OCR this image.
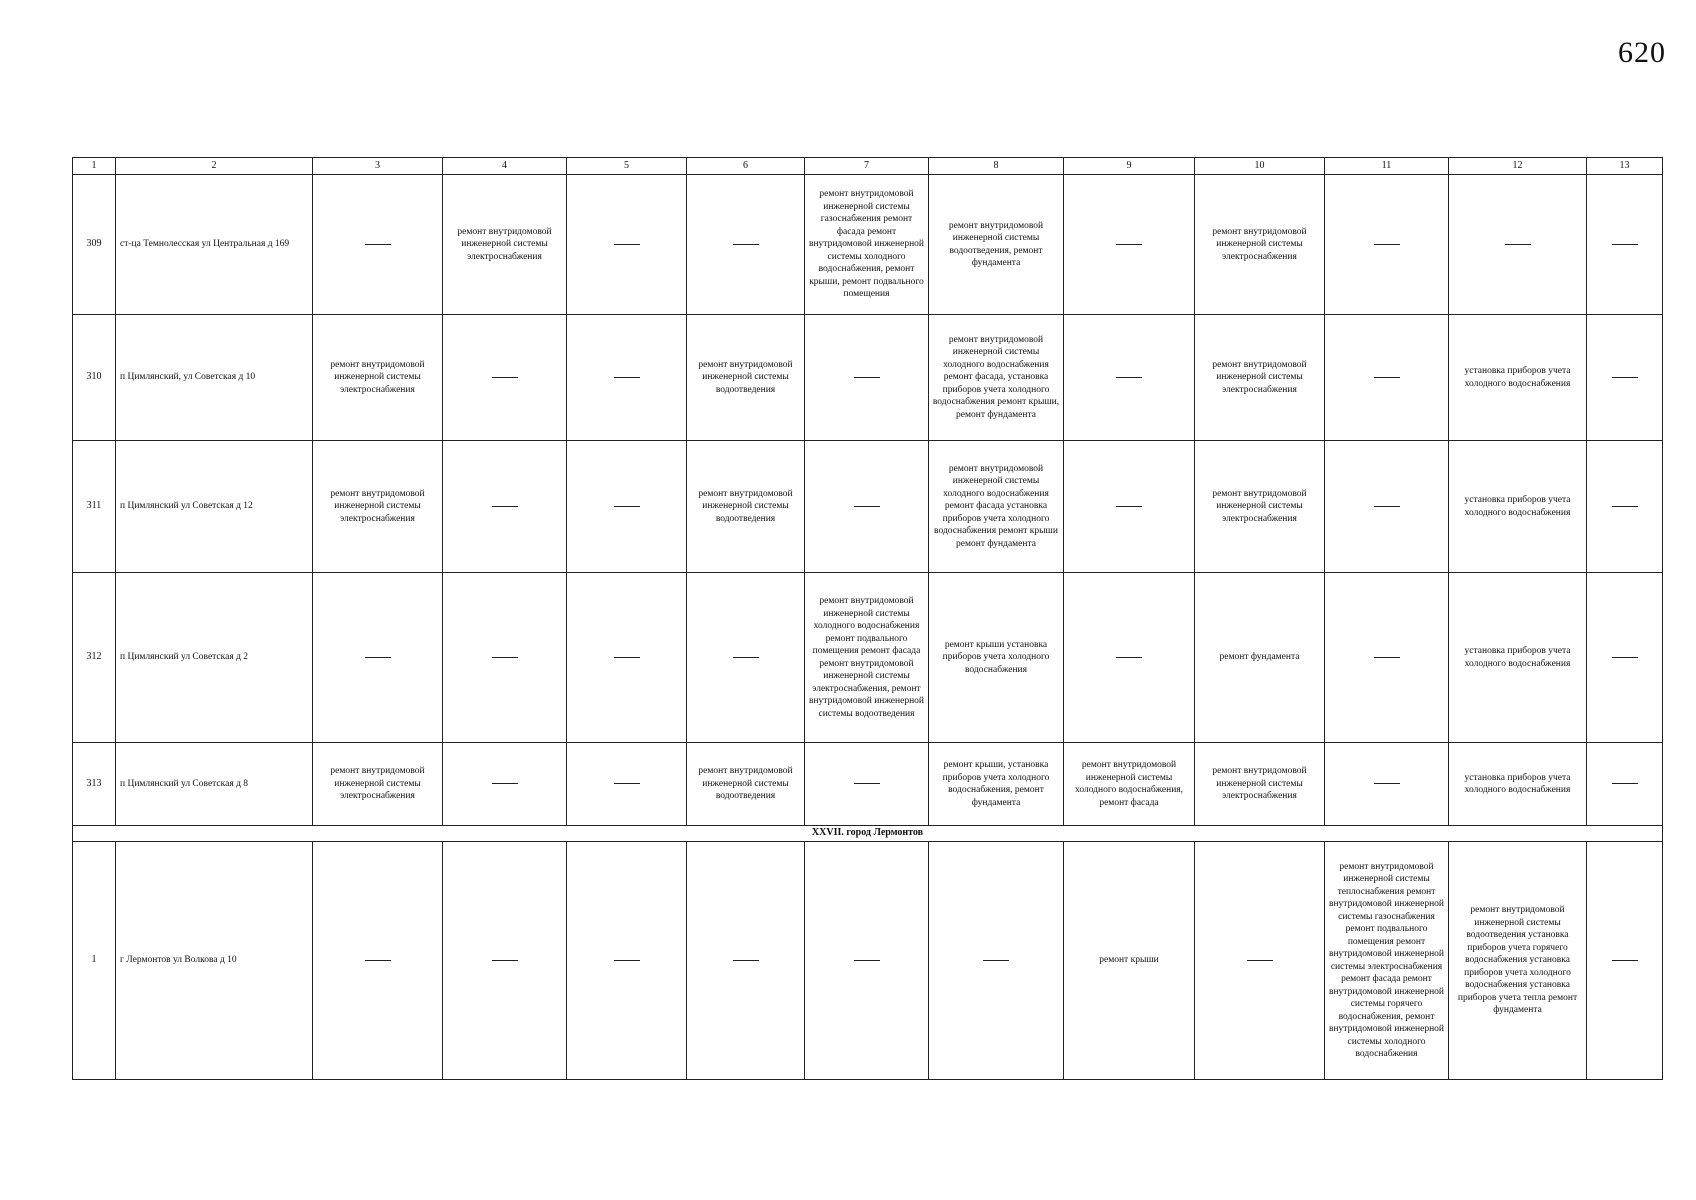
620
1	2	3	4	5	6	7	8	9	10	11	12	13
309	ст-ца Темнолесская ул Центральная д 169		ремонт внутридомовой инженерной системы электроснабжения			ремонт внутридомовой инженерной системы газоснабжения ремонт фасада ремонт внутридомовой инженерной системы холодного водоснабжения, ремонт крыши, ремонт подвального помещения	ремонт внутридомовой инженерной системы водоотведения, ремонт фундамента		ремонт внутридомовой инженерной системы электроснабжения			
310	п Цимлянский, ул Советская д 10	ремонт внутридомовой инженерной системы электроснабжения			ремонт внутридомовой инженерной системы водоотведения		ремонт внутридомовой инженерной системы холодного водоснабжения ремонт фасада, установка приборов учета холодного водоснабжения ремонт крыши, ремонт фундамента		ремонт внутридомовой инженерной системы электроснабжения		установка приборов учета холодного водоснабжения	
311	п Цимлянский ул Советская д 12	ремонт внутридомовой инженерной системы электроснабжения			ремонт внутридомовой инженерной системы водоотведения		ремонт внутридомовой инженерной системы холодного водоснабжения ремонт фасада установка приборов учета холодного водоснабжения ремонт крыши ремонт фундамента		ремонт внутридомовой инженерной системы электроснабжения		установка приборов учета холодного водоснабжения	
312	п Цимлянский ул Советская д 2					ремонт внутридомовой инженерной системы холодного водоснабжения ремонт подвального помещения ремонт фасада ремонт внутридомовой инженерной системы электроснабжения, ремонт внутридомовой инженерной системы водоотведения	ремонт крыши установка приборов учета холодного водоснабжения		ремонт фундамента		установка приборов учета холодного водоснабжения	
313	п Цимлянский ул Советская д 8	ремонт внутридомовой инженерной системы электроснабжения			ремонт внутридомовой инженерной системы водоотведения		ремонт крыши, установка приборов учета холодного водоснабжения, ремонт фундамента	ремонт внутридомовой инженерной системы холодного водоснабжения, ремонт фасада	ремонт внутридомовой инженерной системы электроснабжения		установка приборов учета холодного водоснабжения	
XXVII. город Лермонтов												
1	г Лермонтов ул Волкова д 10							ремонт крыши		ремонт внутридомовой инженерной системы теплоснабжения ремонт внутридомовой инженерной системы газоснабжения ремонт подвального помещения ремонт внутридомовой инженерной системы электроснабжения ремонт фасада ремонт внутридомовой инженерной системы горячего водоснабжения, ремонт внутридомовой инженерной системы холодного водоснабжения	ремонт внутридомовой инженерной системы водоотведения установка приборов учета горячего водоснабжения установка приборов учета холодного водоснабжения установка приборов учета тепла ремонт фундамента	
